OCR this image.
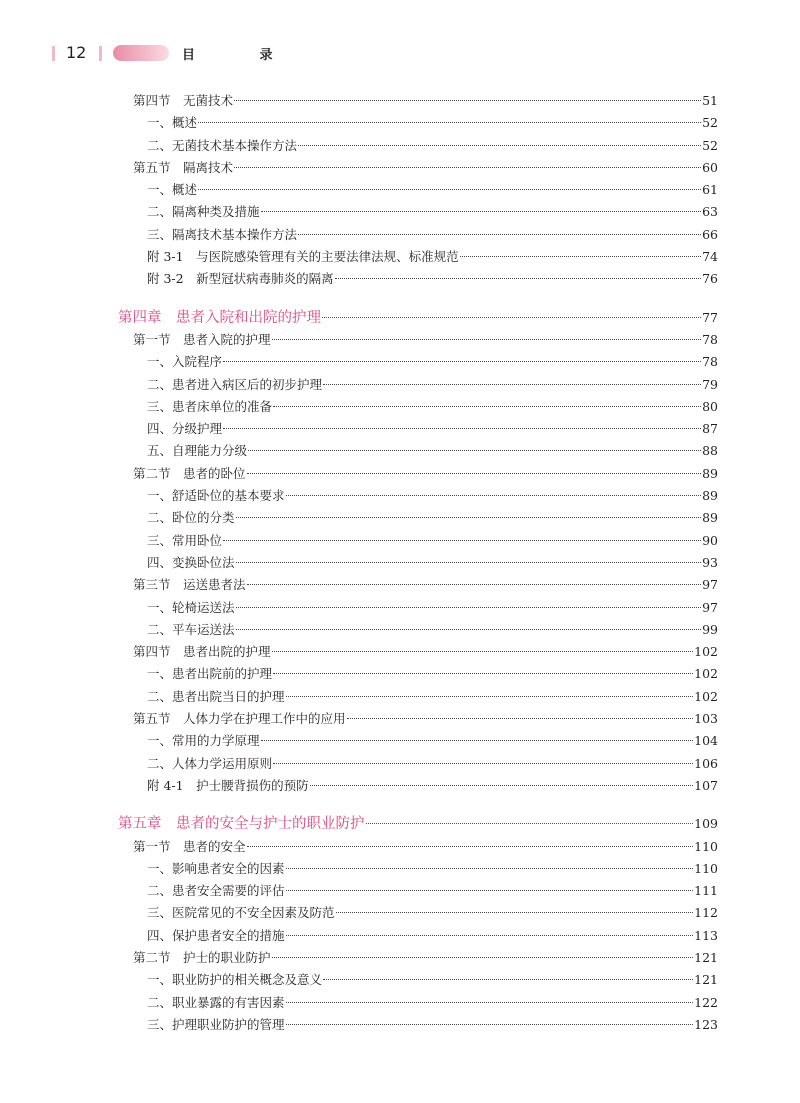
12	目 录
第四节  无菌技术	51
一、概述	52
二、无菌技术基本操作方法	52
第五节  隔离技术	60
一、概述	61
二、隔离种类及措施	63
三、隔离技术基本操作方法	66
附 3-1  与医院感染管理有关的主要法律法规、标准规范	74
附 3-2  新型冠状病毒肺炎的隔离	76
第四章  患者入院和出院的护理	77
第一节  患者入院的护理	78
一、入院程序	78
二、患者进入病区后的初步护理	79
三、患者床单位的准备	80
四、分级护理	87
五、自理能力分级	88
第二节  患者的卧位	89
一、舒适卧位的基本要求	89
二、卧位的分类	89
三、常用卧位	90
四、变换卧位法	93
第三节  运送患者法	97
一、轮椅运送法	97
二、平车运送法	99
第四节  患者出院的护理	102
一、患者出院前的护理	102
二、患者出院当日的护理	102
第五节  人体力学在护理工作中的应用	103
一、常用的力学原理	104
二、人体力学运用原则	106
附 4-1  护士腰背损伤的预防	107
第五章  患者的安全与护士的职业防护	109
第一节  患者的安全	110
一、影响患者安全的因素	110
二、患者安全需要的评估	111
三、医院常见的不安全因素及防范	112
四、保护患者安全的措施	113
第二节  护士的职业防护	121
一、职业防护的相关概念及意义	121
二、职业暴露的有害因素	122
三、护理职业防护的管理	123
